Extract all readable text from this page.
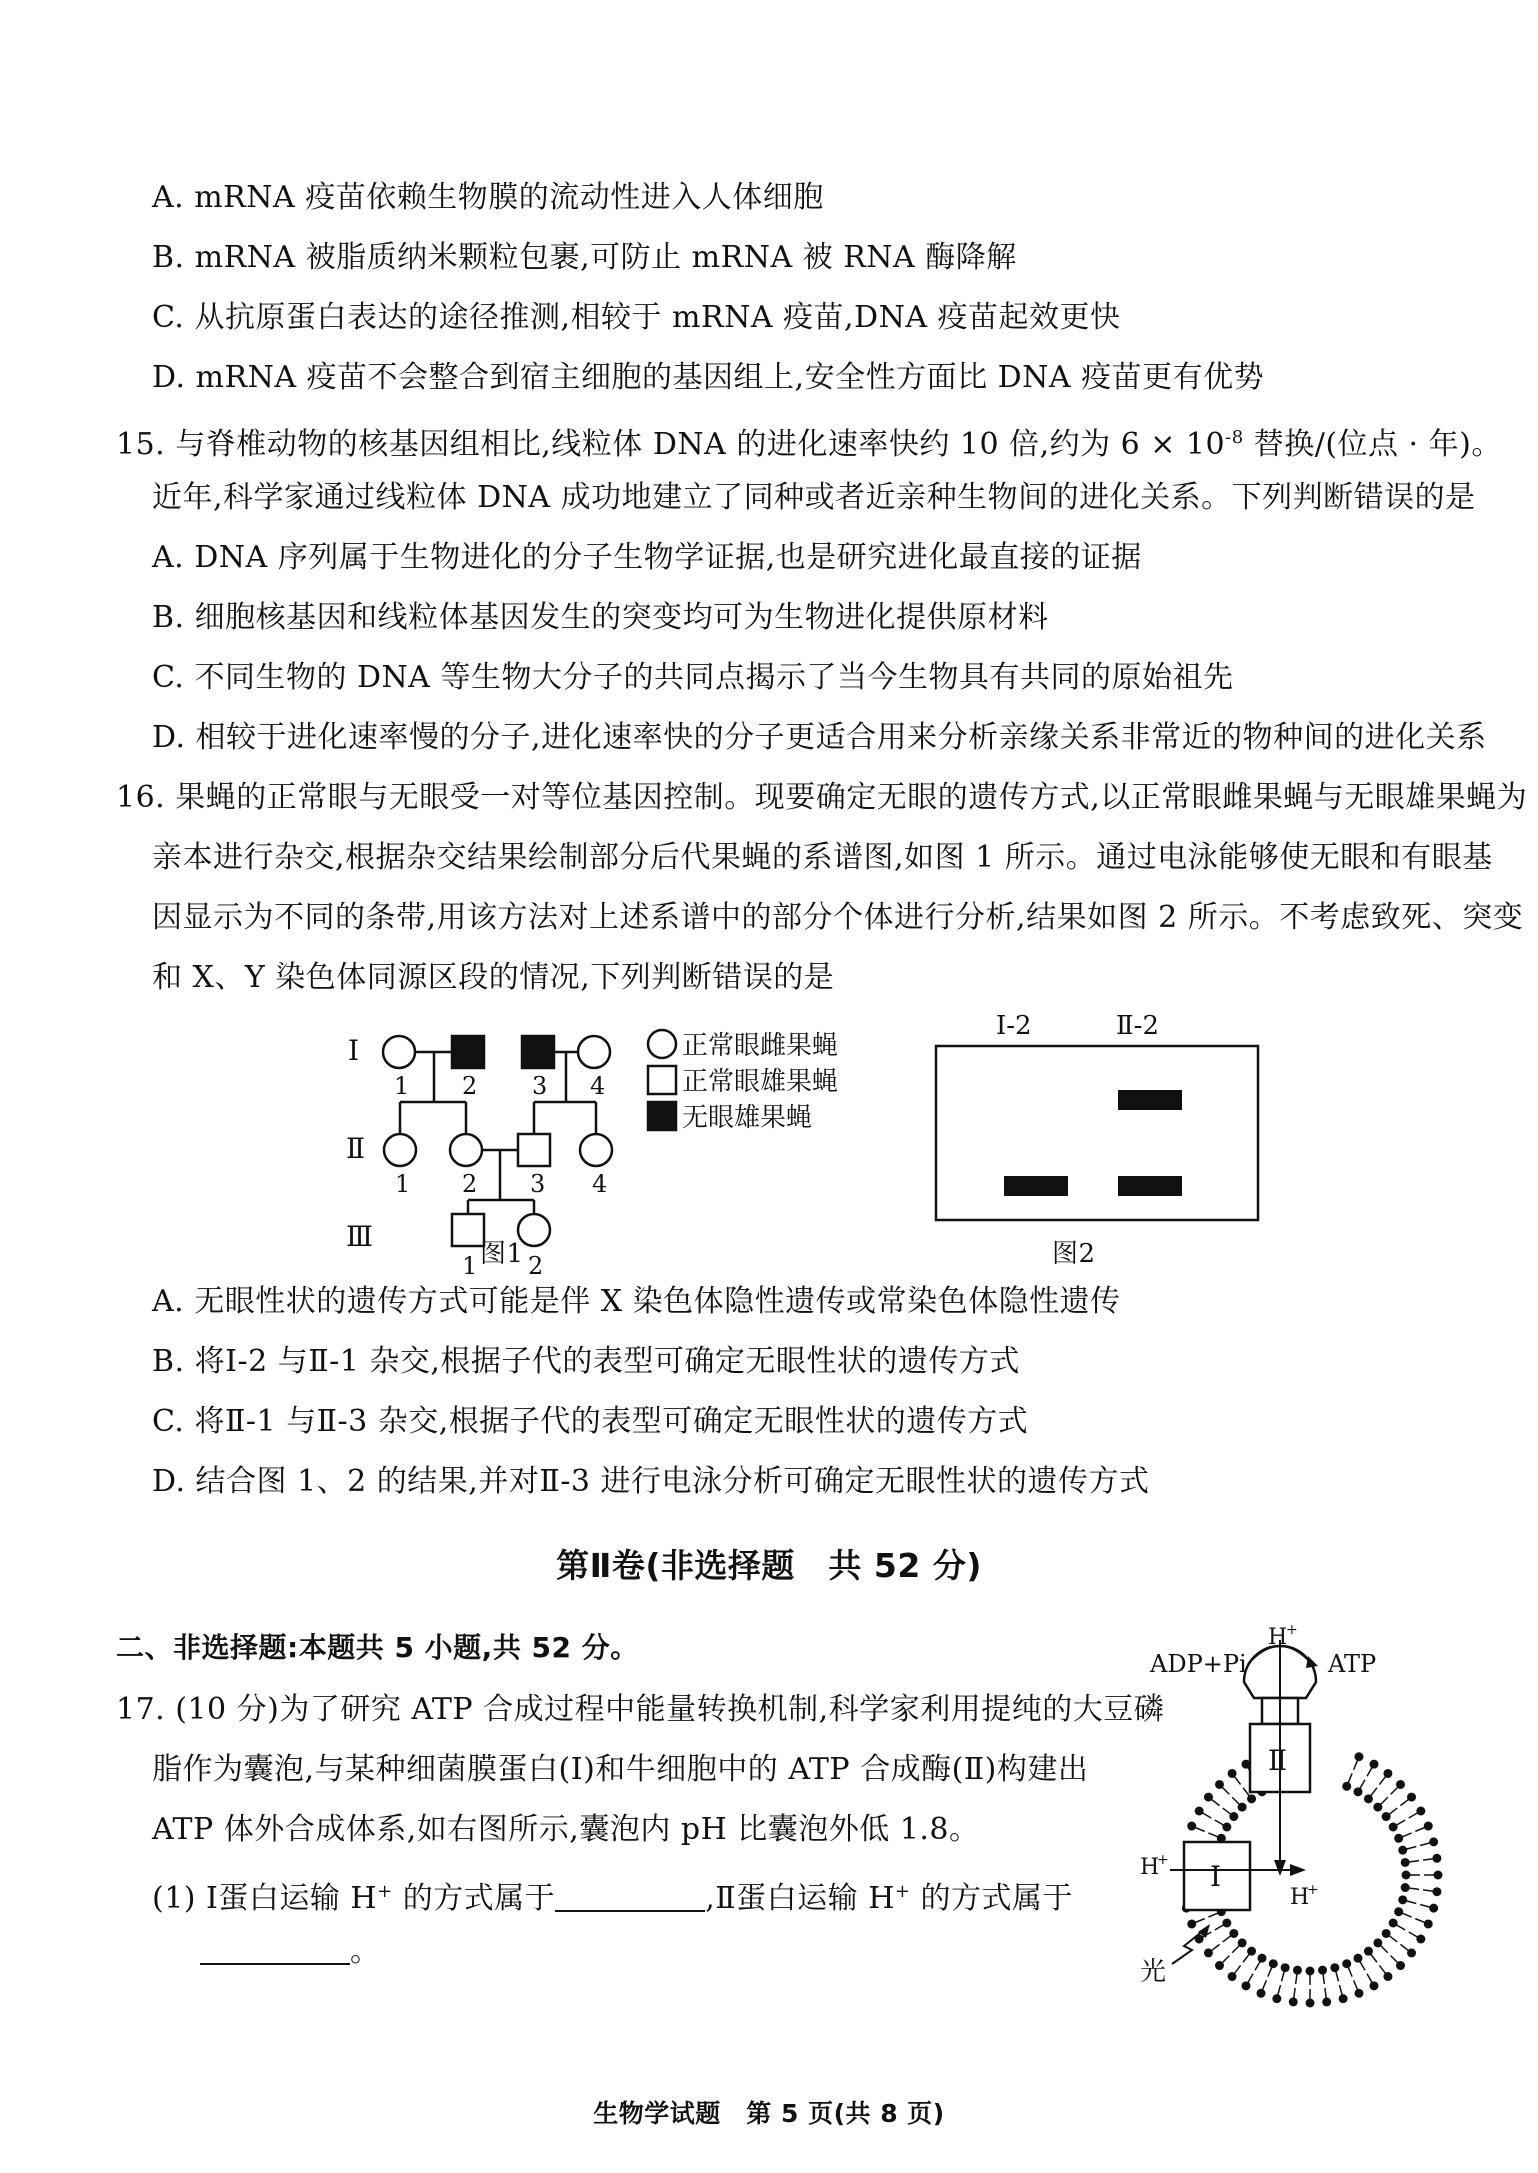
A. mRNA 疫苗依赖生物膜的流动性进入人体细胞
B. mRNA 被脂质纳米颗粒包裹,可防止 mRNA 被 RNA 酶降解
C. 从抗原蛋白表达的途径推测,相较于 mRNA 疫苗,DNA 疫苗起效更快
D. mRNA 疫苗不会整合到宿主细胞的基因组上,安全性方面比 DNA 疫苗更有优势
15. 与脊椎动物的核基因组相比,线粒体 DNA 的进化速率快约 10 倍,约为 $6 \times 10^{-8}$ 替换/(位点 · 年)。
近年,科学家通过线粒体 DNA 成功地建立了同种或者近亲种生物间的进化关系。下列判断错误的是
A. DNA 序列属于生物进化的分子生物学证据,也是研究进化最直接的证据
B. 细胞核基因和线粒体基因发生的突变均可为生物进化提供原材料
C. 不同生物的 DNA 等生物大分子的共同点揭示了当今生物具有共同的原始祖先
D. 相较于进化速率慢的分子,进化速率快的分子更适合用来分析亲缘关系非常近的物种间的进化关系
16. 果蝇的正常眼与无眼受一对等位基因控制。现要确定无眼的遗传方式,以正常眼雌果蝇与无眼雄果蝇为
亲本进行杂交,根据杂交结果绘制部分后代果蝇的系谱图,如图 1 所示。通过电泳能够使无眼和有眼基
因显示为不同的条带,用该方法对上述系谱中的部分个体进行分析,结果如图 2 所示。不考虑致死、突变
和 X、Y 染色体同源区段的情况,下列判断错误的是
Ⅰ
Ⅱ
Ⅲ
1 2 3 4
1 2 3 4
1 2
正常眼雌果蝇
正常眼雄果蝇
无眼雄果蝇
图1
Ⅰ-2	Ⅱ-2
图2
A. 无眼性状的遗传方式可能是伴 X 染色体隐性遗传或常染色体隐性遗传
B. 将Ⅰ-2 与Ⅱ-1 杂交,根据子代的表型可确定无眼性状的遗传方式
C. 将Ⅱ-1 与Ⅱ-3 杂交,根据子代的表型可确定无眼性状的遗传方式
D. 结合图 1、2 的结果,并对Ⅱ-3 进行电泳分析可确定无眼性状的遗传方式
第Ⅱ卷(非选择题　共 52 分)
二、非选择题:本题共 5 小题,共 52 分。
17. (10 分)为了研究 ATP 合成过程中能量转换机制,科学家利用提纯的大豆磷
脂作为囊泡,与某种细菌膜蛋白(Ⅰ)和牛细胞中的 ATP 合成酶(Ⅱ)构建出
ATP 体外合成体系,如右图所示,囊泡内 pH 比囊泡外低 1.8。
(1) Ⅰ蛋白运输 H+ 的方式属于	,Ⅱ蛋白运输 H+ 的方式属于
。
Ⅱ
ADP+Pi	ATP
H
+
Ⅰ
H
+
H
+
光
生物学试题　第 5 页(共 8 页)
